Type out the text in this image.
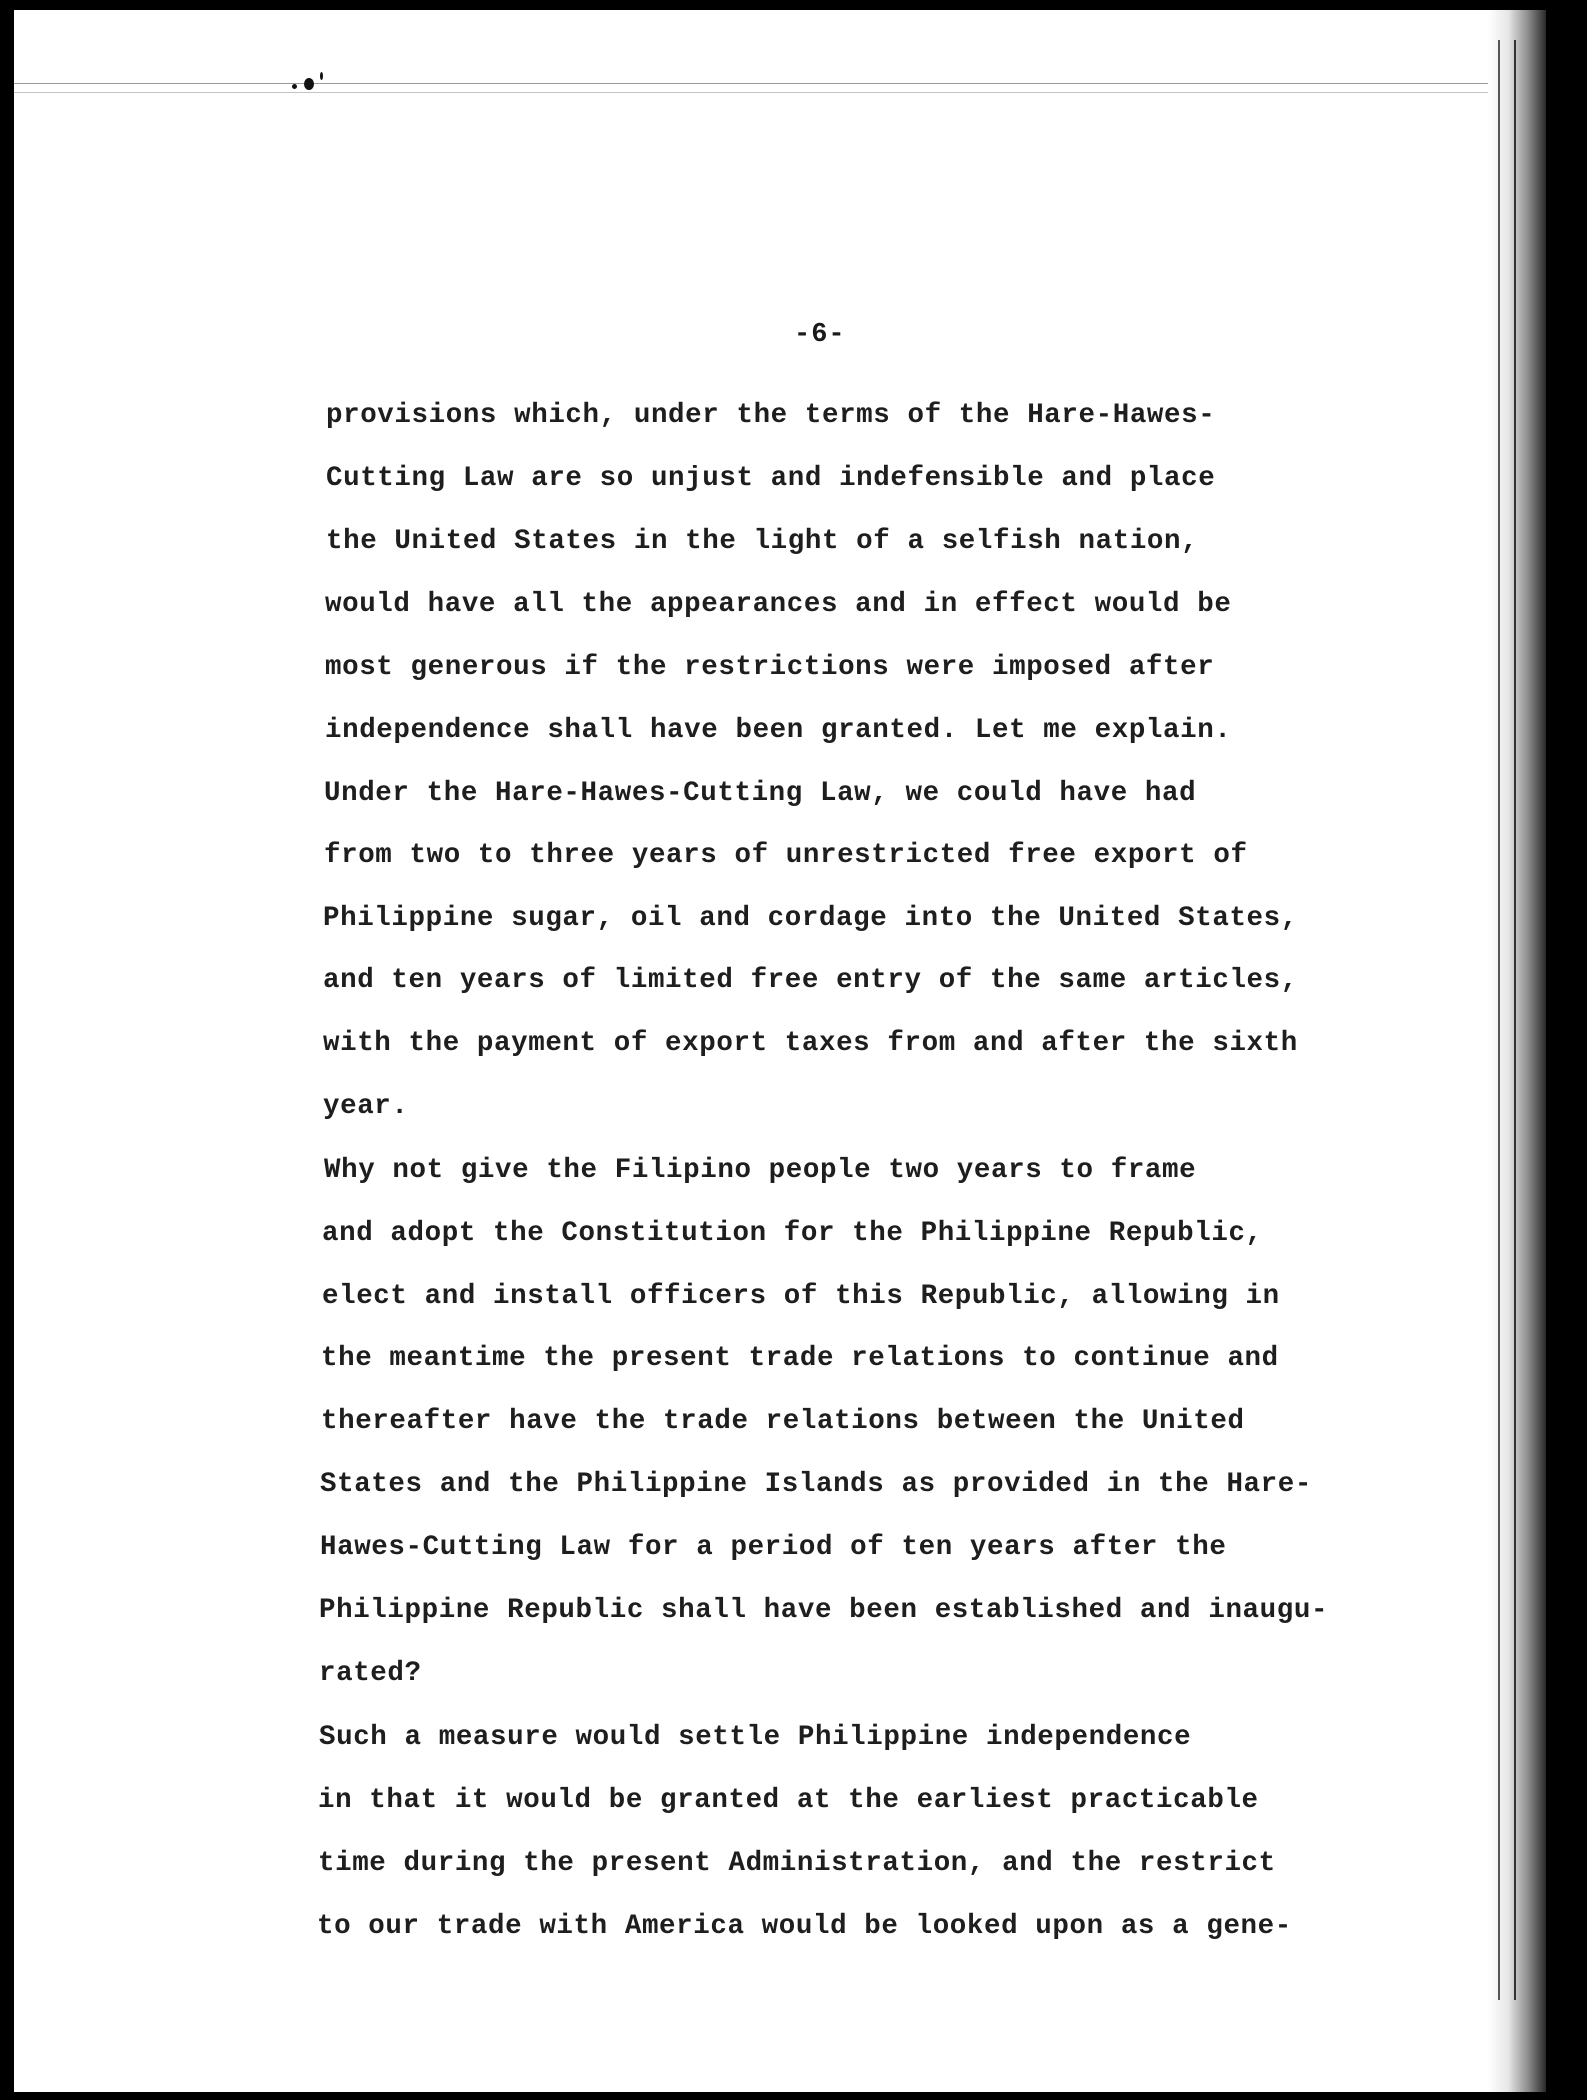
-6-
provisions which, under the terms of the Hare-Hawes-
Cutting Law are so unjust and indefensible and place
the United States in the light of a selfish nation,
would have all the appearances and in effect would be
most generous if the restrictions were imposed after
independence shall have been granted. Let me explain.
Under the Hare-Hawes-Cutting Law, we could have had
from two to three years of unrestricted free export of
Philippine sugar, oil and cordage into the United States,
and ten years of limited free entry of the same articles,
with the payment of export taxes from and after the sixth
year.
Why not give the Filipino people two years to frame
and adopt the Constitution for the Philippine Republic,
elect and install officers of this Republic, allowing in
the meantime the present trade relations to continue and
thereafter have the trade relations between the United
States and the Philippine Islands as provided in the Hare-
Hawes-Cutting Law for a period of ten years after the
Philippine Republic shall have been established and inaugu-
rated?
Such a measure would settle Philippine independence
in that it would be granted at the earliest practicable
time during the present Administration, and the restrict
to our trade with America would be looked upon as a gene-
